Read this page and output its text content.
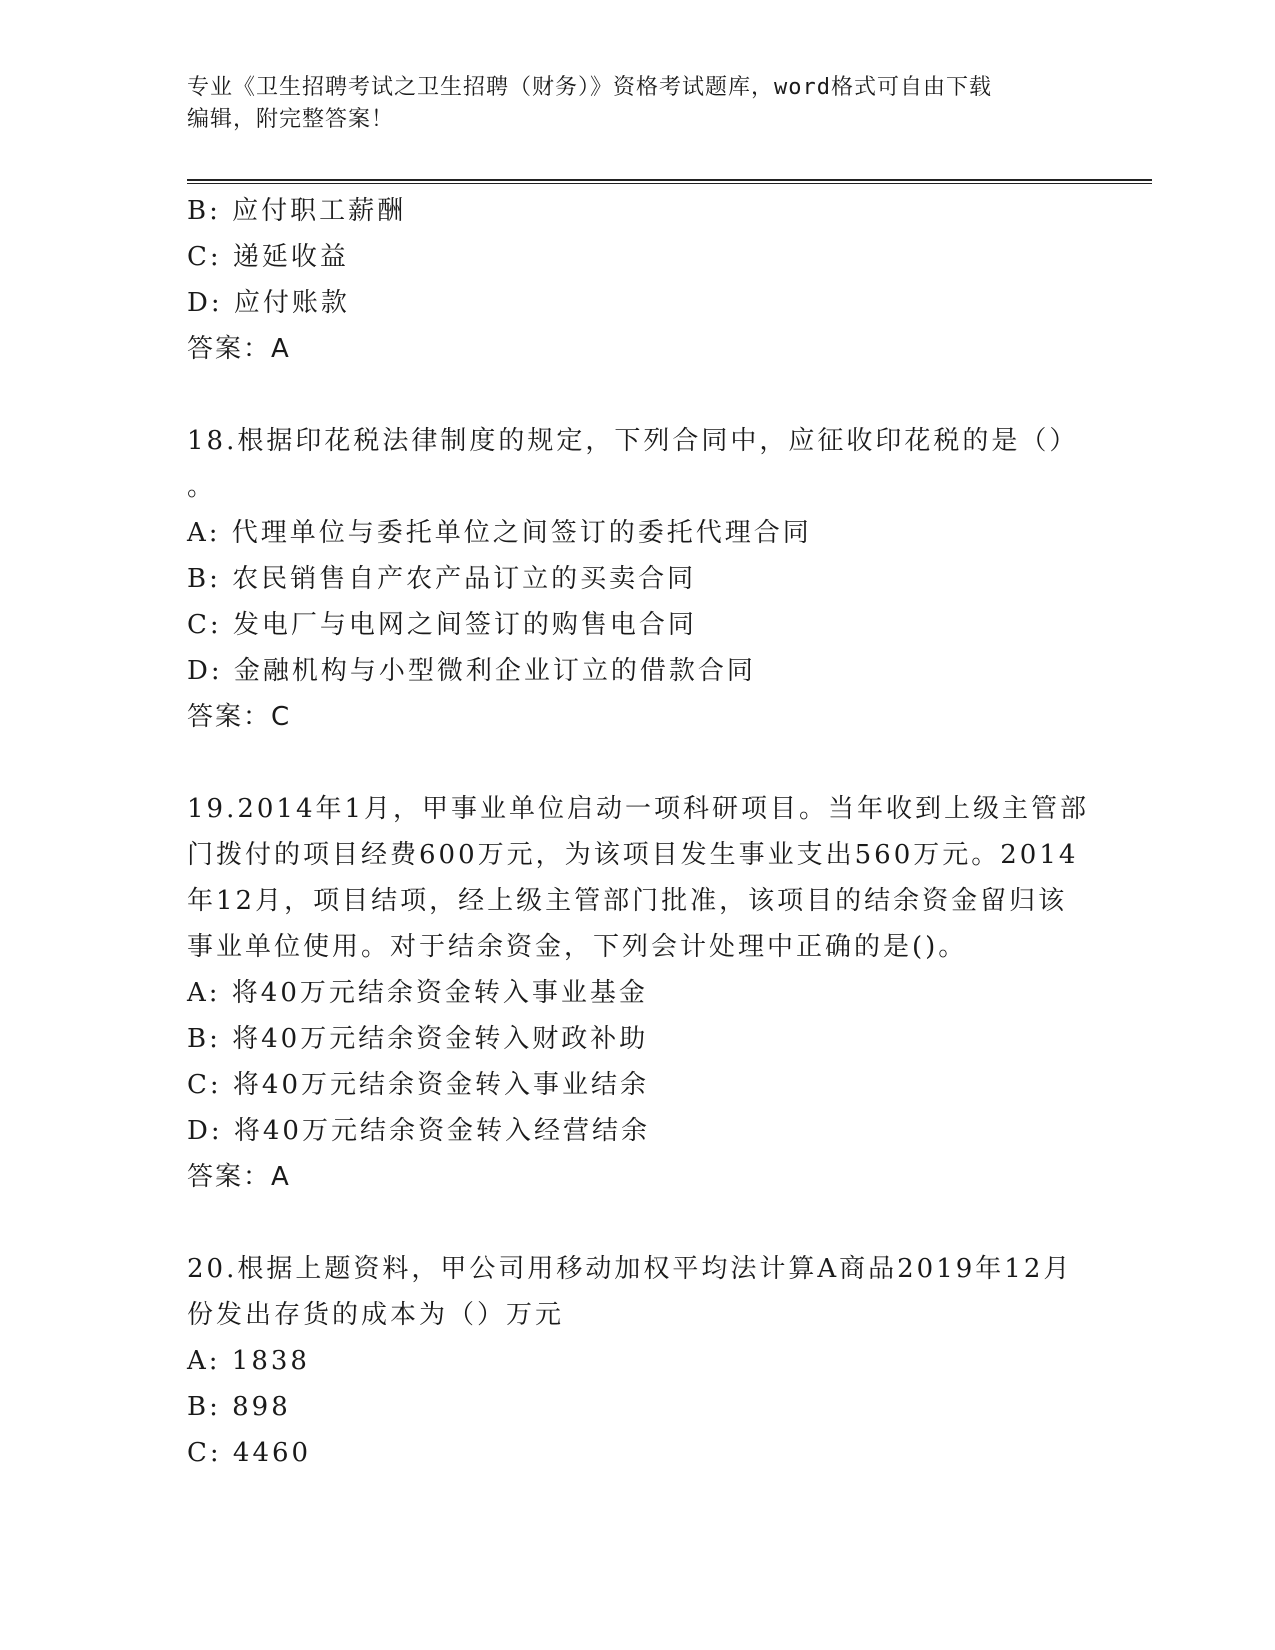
专业《卫生招聘考试之卫生招聘（财务）》资格考试题库，word格式可自由下载
编辑，附完整答案！
B: 应付职工薪酬
C: 递延收益
D: 应付账款
答案：A
18.根据印花税法律制度的规定，下列合同中，应征收印花税的是（）
。
A: 代理单位与委托单位之间签订的委托代理合同
B: 农民销售自产农产品订立的买卖合同
C: 发电厂与电网之间签订的购售电合同
D: 金融机构与小型微利企业订立的借款合同
答案：C
19.2014年1月，甲事业单位启动一项科研项目。当年收到上级主管部
门拨付的项目经费600万元，为该项目发生事业支出560万元。2014
年12月，项目结项，经上级主管部门批准，该项目的结余资金留归该
事业单位使用。对于结余资金，下列会计处理中正确的是()。
A: 将40万元结余资金转入事业基金
B: 将40万元结余资金转入财政补助
C: 将40万元结余资金转入事业结余
D: 将40万元结余资金转入经营结余
答案：A
20.根据上题资料，甲公司用移动加权平均法计算A商品2019年12月
份发出存货的成本为（）万元
A: 1838
B: 898
C: 4460
